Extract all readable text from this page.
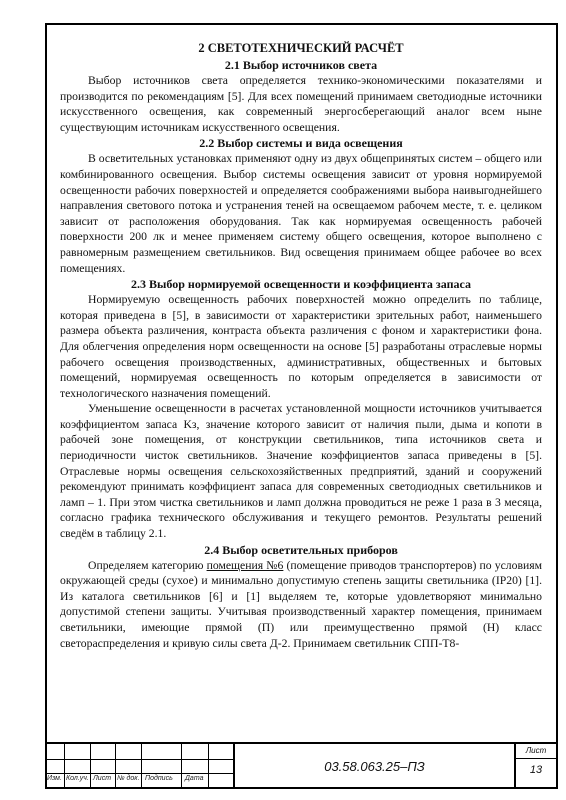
2 СВЕТОТЕХНИЧЕСКИЙ РАСЧЁТ
2.1 Выбор источников света

Выбор источников света определяется технико-экономическими показателями и производится по рекомендациям [5]. Для всех помещений принимаем светодиодные источники искусственного освещения, как современный энергосберегающий аналог всем ныне существующим источникам искусственного освещения.

2.2 Выбор системы и вида освещения

В осветительных установках применяют одну из двух общепринятых систем – общего или комбинированного освещения. Выбор системы освещения зависит от уровня нормируемой освещенности рабочих поверхностей и определяется соображениями выбора наивыгоднейшего направления светового потока и устранения теней на освещаемом рабочем месте, т. е. целиком зависит от расположения оборудования. Так как нормируемая освещенность рабочей поверхности 200 лк и менее применяем систему общего освещения, которое выполнено с равномерным размещением светильников. Вид освещения принимаем общее рабочее во всех помещениях.

2.3 Выбор нормируемой освещенности и коэффициента запаса

Нормируемую освещенность рабочих поверхностей можно определить по таблице, которая приведена в [5], в зависимости от характеристики зрительных работ, наименьшего размера объекта различения, контраста объекта различения с фоном и характеристики фона. Для облегчения определения норм освещенности на основе [5] разработаны отраслевые нормы рабочего освещения производственных, административных, общественных и бытовых помещений, нормируемая освещенность по которым определяется в зависимости от технологического назначения помещений.

Уменьшение освещенности в расчетах установленной мощности источников учитывается коэффициентом запаса Kз, значение которого зависит от наличия пыли, дыма и копоти в рабочей зоне помещения, от конструкции светильников, типа источников света и периодичности чисток светильников. Значение коэффициентов запаса приведены в [5]. Отраслевые нормы освещения сельскохозяйственных предприятий, зданий и сооружений рекомендуют принимать коэффициент запаса для современных светодиодных светильников и ламп – 1. При этом чистка светильников и ламп должна проводиться не реже 1 раза в 3 месяца, согласно графика технического обслуживания и текущего ремонтов. Результаты решений сведём в таблицу 2.1.

2.4 Выбор осветительных приборов

Определяем категорию помещения №6 (помещение приводов транспортеров) по условиям окружающей среды (сухое) и минимально допустимую степень защиты светильника (IP20) [1]. Из каталога светильников [6] и [1] выделяем те, которые удовлетворяют минимально допустимой степени защиты. Учитывая производственный характер помещения, принимаем светильники, имеющие прямой (П) или преимущественно прямой (Н) класс светораспределения и кривую силы света Д-2. Принимаем светильник СПП-Т8-

Изм. Кол.уч. Лист № док. Подпись Дата
03.58.063.25–ПЗ
Лист
13
